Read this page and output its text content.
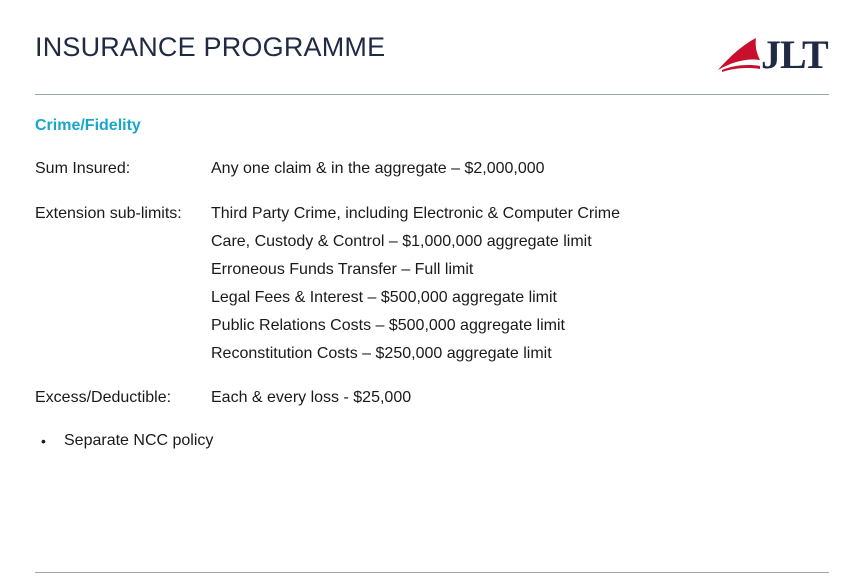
INSURANCE PROGRAMME	JLT
Crime/Fidelity
Sum Insured:	Any one claim & in the aggregate – $2,000,000
Extension sub-limits: Third Party Crime, including Electronic & Computer Crime
Care, Custody & Control – $1,000,000 aggregate limit
Erroneous Funds Transfer – Full limit
Legal Fees & Interest – $500,000 aggregate limit
Public Relations Costs – $500,000 aggregate limit
Reconstitution Costs – $250,000 aggregate limit
Excess/Deductible: Each & every loss - $25,000
• Separate NCC policy
